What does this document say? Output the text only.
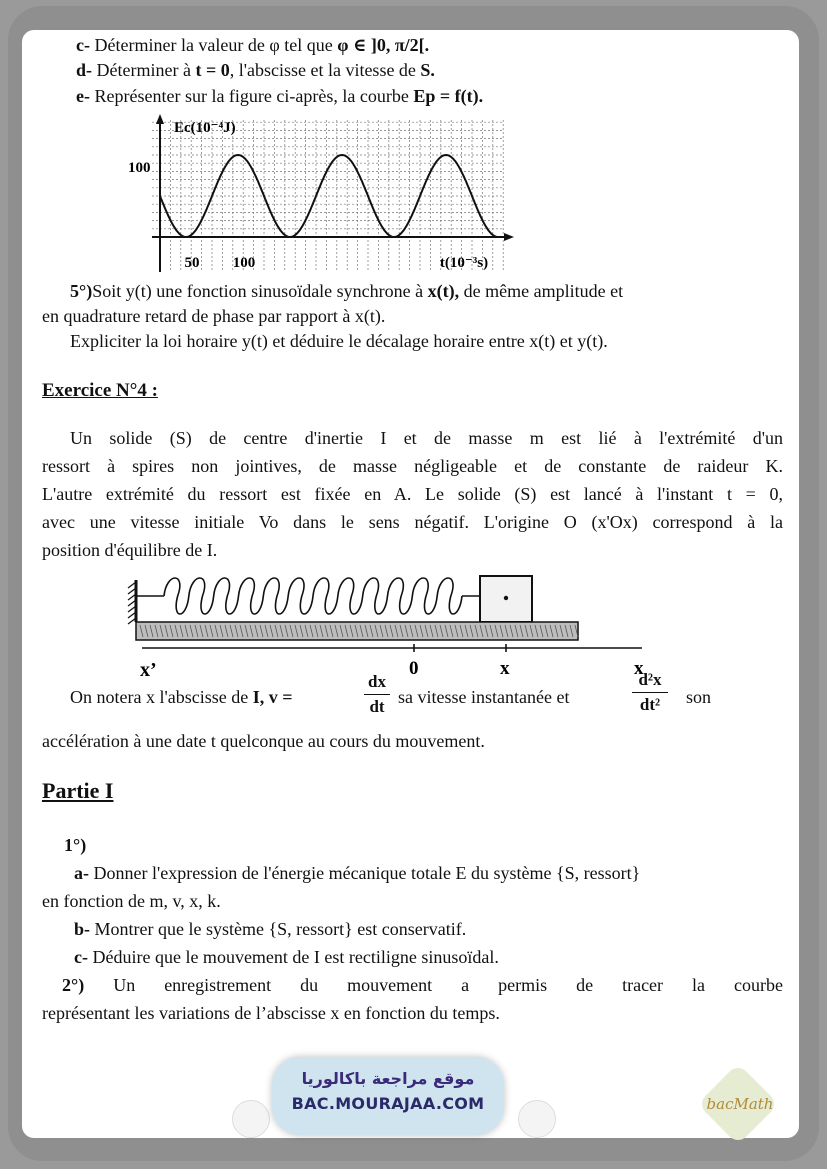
c- Déterminer la valeur de φ tel que φ ∈ ]0, π/2[.
d- Déterminer à t = 0, l'abscisse et la vitesse de S.
e- Représenter sur la figure ci-après, la courbe Ep = f(t).
Ec(10⁻⁴J)
100
50 100	t(10⁻³s)
5°)Soit y(t) une fonction sinusoïdale synchrone à x(t), de même amplitude et
en quadrature retard de phase par rapport à x(t).
Expliciter la loi horaire y(t) et déduire le décalage horaire entre x(t) et y(t).
Exercice N°4 :
Un solide (S) de centre d'inertie I et de masse m est lié à l'extrémité d'un
ressort à spires non jointives, de masse négligeable et de constante de raideur K.
L'autre extrémité du ressort est fixée en A. Le solide (S) est lancé à l'instant t = 0,
avec une vitesse initiale Vo dans le sens négatif. L'origine O (x'Ox) correspond à la
position d'équilibre de I.
x’	0	x	x
On notera x l'abscisse de I, v =
dx
dt sa vitesse instantanée et
d²x
dt²	son
accélération à une date t quelconque au cours du mouvement.
Partie I
1°)
a- Donner l'expression de l'énergie mécanique totale E du système {S, ressort}
en fonction de m, v, x, k.
b- Montrer que le système {S, ressort} est conservatif.
c- Déduire que le mouvement de I est rectiligne sinusoïdal.
2°) Un enregistrement du mouvement a permis de tracer la courbe
représentant les variations de l’abscisse x en fonction du temps.
موقع مراجعة باكالوريا
BAC.MOURAJAA.COM	bacMath
